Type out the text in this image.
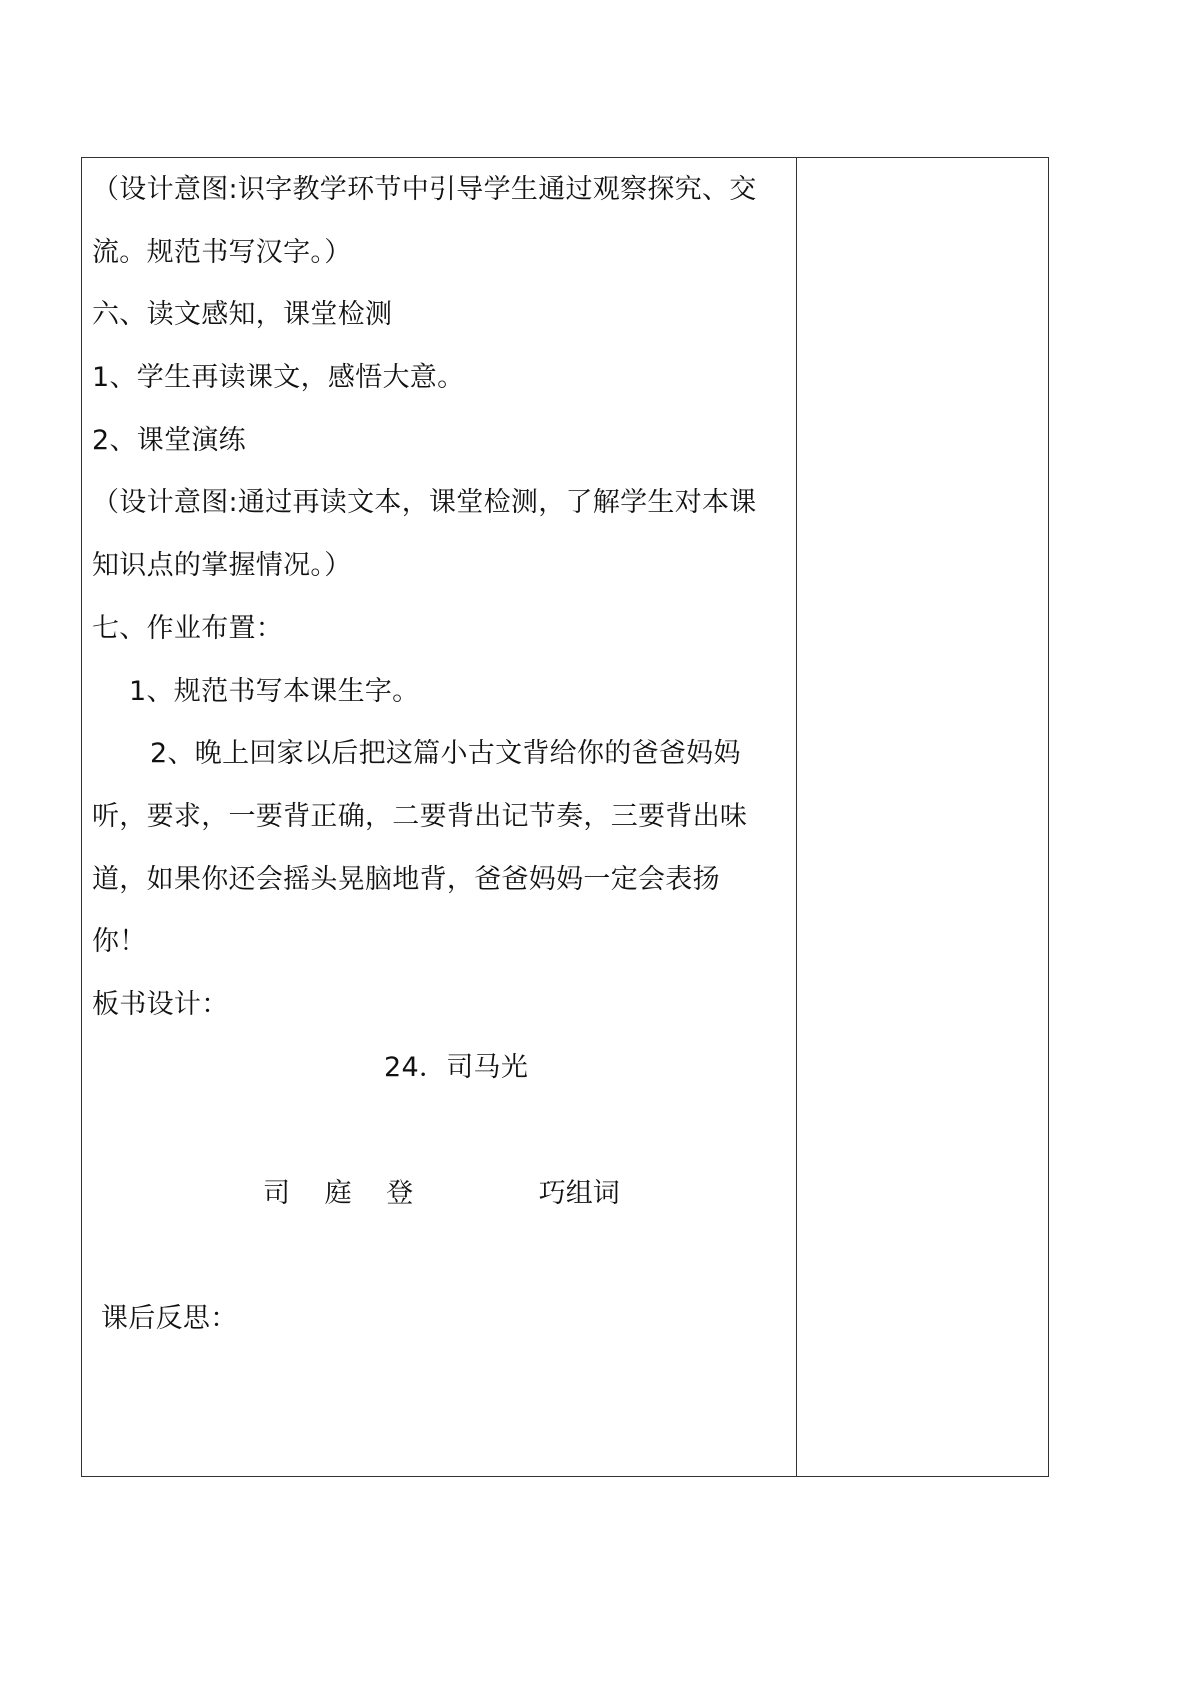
（设计意图:识字教学环节中引导学生通过观察探究、交
流。规范书写汉字。）
六、读文感知，课堂检测
1、学生再读课文，感悟大意。
2、课堂演练
（设计意图:通过再读文本，课堂检测，了解学生对本课
知识点的掌握情况。）
七、作业布置：
1、规范书写本课生字。
2、晚上回家以后把这篇小古文背给你的爸爸妈妈
听，要求，一要背正确，二要背出记节奏，三要背出味
道，如果你还会摇头晃脑地背，爸爸妈妈一定会表扬
你！
板书设计：
24．司马光
司 庭 登	巧组词
课后反思：
